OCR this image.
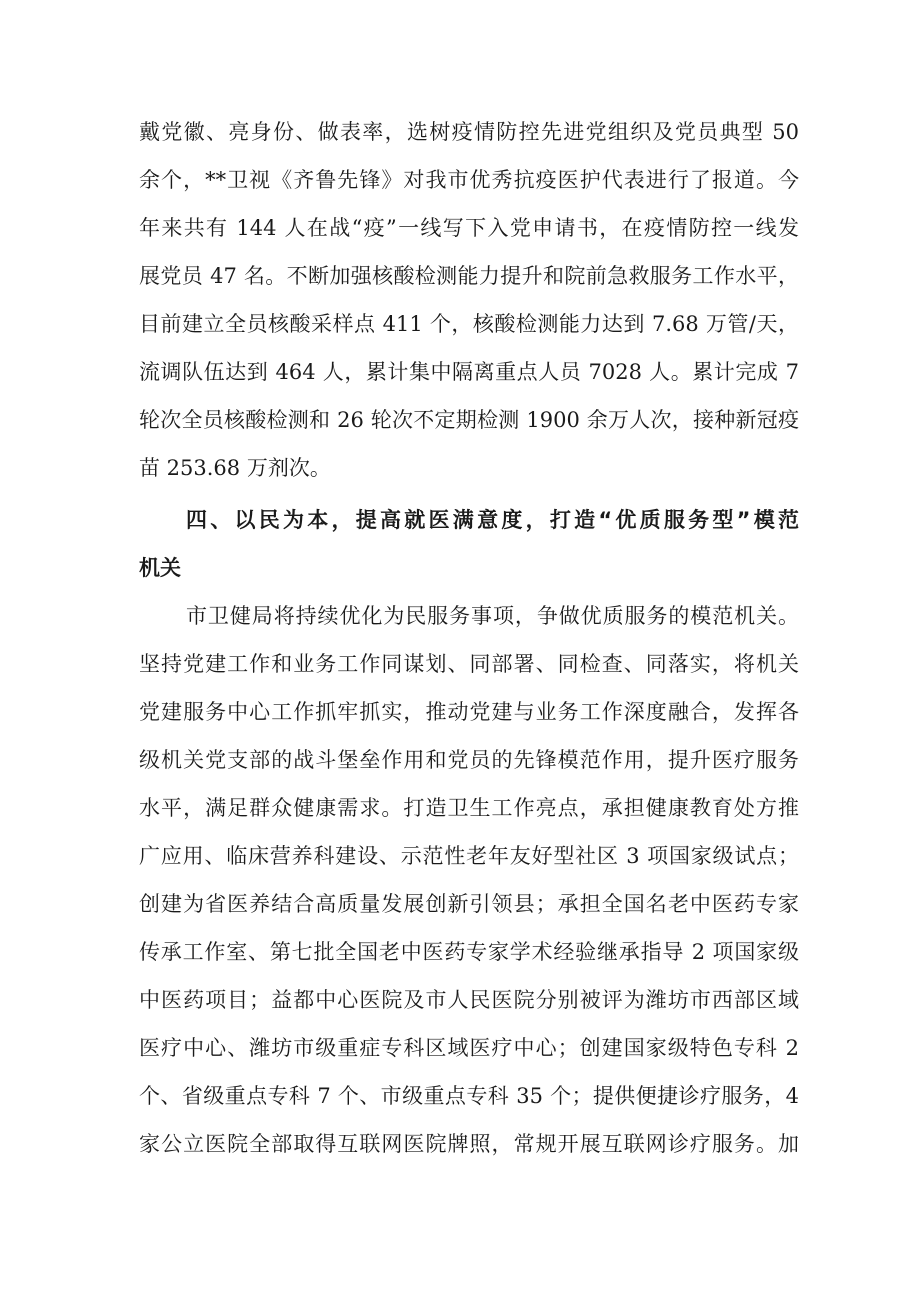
戴党徽、亮身份、做表率，选树疫情防控先进党组织及党员典型 50
余个，**卫视《齐鲁先锋》对我市优秀抗疫医护代表进行了报道。今
年来共有 144 人在战“疫”一线写下入党申请书，在疫情防控一线发
展党员 47 名。不断加强核酸检测能力提升和院前急救服务工作水平，
目前建立全员核酸采样点 411 个，核酸检测能力达到 7.68 万管/天，
流调队伍达到 464 人，累计集中隔离重点人员 7028 人。累计完成 7
轮次全员核酸检测和 26 轮次不定期检测 1900 余万人次，接种新冠疫
苗 253.68 万剂次。
四、以民为本，提高就医满意度，打造“优质服务型”模范
机关
市卫健局将持续优化为民服务事项，争做优质服务的模范机关。
坚持党建工作和业务工作同谋划、同部署、同检查、同落实，将机关
党建服务中心工作抓牢抓实，推动党建与业务工作深度融合，发挥各
级机关党支部的战斗堡垒作用和党员的先锋模范作用，提升医疗服务
水平，满足群众健康需求。打造卫生工作亮点，承担健康教育处方推
广应用、临床营养科建设、示范性老年友好型社区 3 项国家级试点；
创建为省医养结合高质量发展创新引领县；承担全国名老中医药专家
传承工作室、第七批全国老中医药专家学术经验继承指导 2 项国家级
中医药项目；益都中心医院及市人民医院分别被评为潍坊市西部区域
医疗中心、潍坊市级重症专科区域医疗中心；创建国家级特色专科 2
个、省级重点专科 7 个、市级重点专科 35 个；提供便捷诊疗服务，4
家公立医院全部取得互联网医院牌照，常规开展互联网诊疗服务。加
